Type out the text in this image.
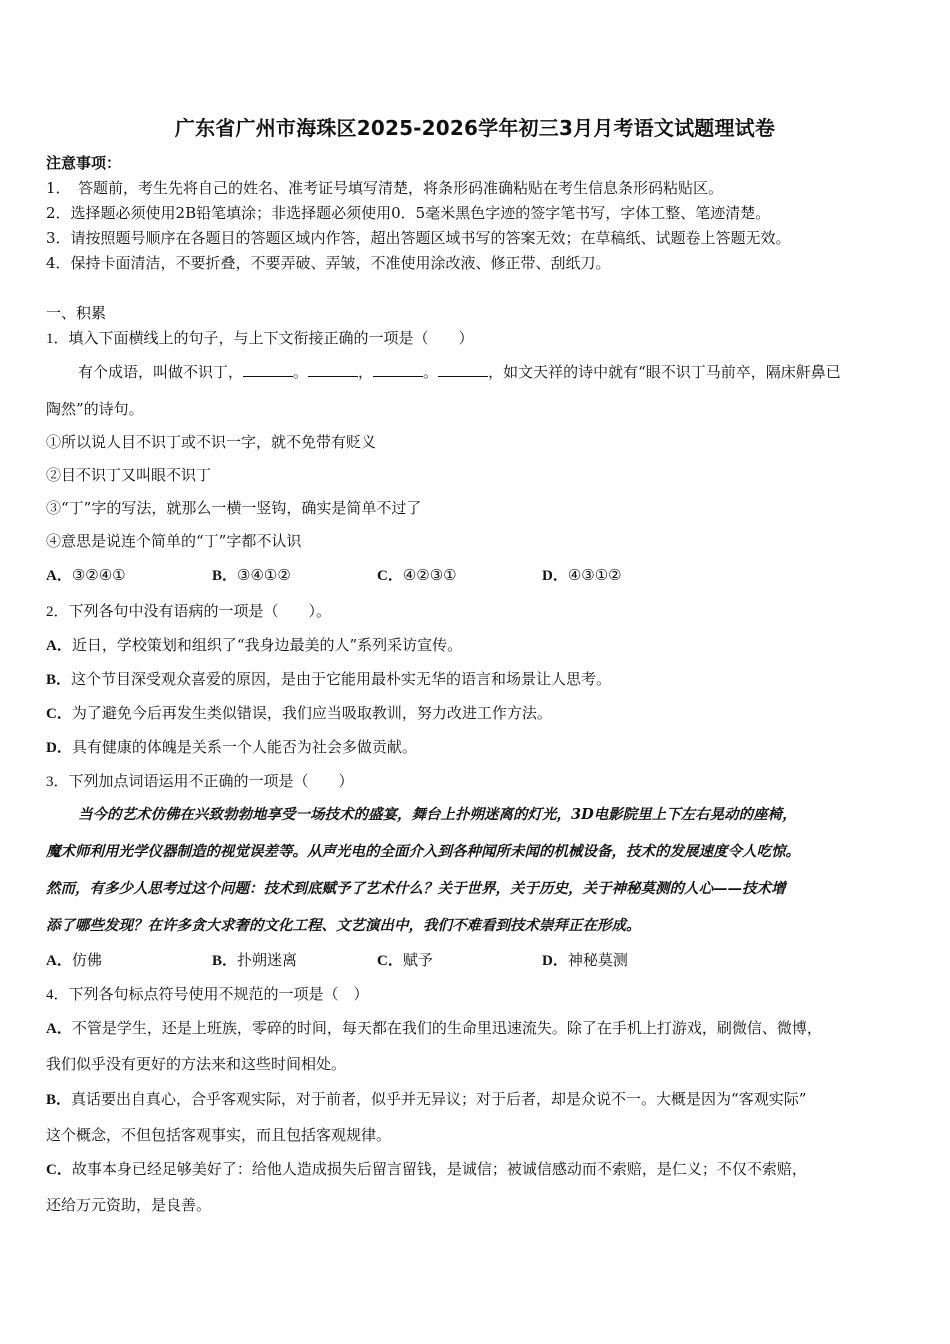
广东省广州市海珠区2025-2026学年初三3月月考语文试题理试卷
注意事项：
1．　答题前，考生先将自己的姓名、准考证号填写清楚，将条形码准确粘贴在考生信息条形码粘贴区。
2．选择题必须使用2B铅笔填涂；非选择题必须使用0．5毫米黑色字迹的签字笔书写，字体工整、笔迹清楚。
3．请按照题号顺序在各题目的答题区域内作答，超出答题区域书写的答案无效；在草稿纸、试题卷上答题无效。
4．保持卡面清洁，不要折叠，不要弄破、弄皱，不准使用涂改液、修正带、刮纸刀。
一、积累
1．填入下面横线上的句子，与上下文衔接正确的一项是（　　）
有个成语，叫做不识丁，	。	，	。	，如文天祥的诗中就有“眼不识丁马前卒，隔床鼾鼻已
陶然”的诗句。
①所以说人目不识丁或不识一字，就不免带有贬义
②目不识丁又叫眼不识丁
③“丁”字的写法，就那么一横一竖钩，确实是简单不过了
④意思是说连个简单的“丁”字都不认识
A．③②④①	B．③④①②	C．④②③①	D．④③①②
2．下列各句中没有语病的一项是（　　）。
A．近日，学校策划和组织了“我身边最美的人”系列采访宣传。
B．这个节目深受观众喜爱的原因，是由于它能用最朴实无华的语言和场景让人思考。
C．为了避免今后再发生类似错误，我们应当吸取教训，努力改进工作方法。
D．具有健康的体魄是关系一个人能否为社会多做贡献。
3．下列加点词语运用不正确的一项是（　　）
当今的艺术仿佛在兴致勃勃地享受一场技术的盛宴，舞台上扑朔迷离的灯光，3D电影院里上下左右晃动的座椅，
魔术师利用光学仪器制造的视觉误差等。从声光电的全面介入到各种闻所未闻的机械设备，技术的发展速度令人吃惊。
然而，有多少人思考过这个问题：技术到底赋予了艺术什么？关于世界，关于历史，关于神秘莫测的人心——技术增
添了哪些发现？在许多贪大求奢的文化工程、文艺演出中，我们不难看到技术崇拜正在形成。
A．仿佛	B．扑朔迷离	C．赋予	D．神秘莫测
4．下列各句标点符号使用不规范的一项是（　）
A．不管是学生，还是上班族，零碎的时间，每天都在我们的生命里迅速流失。除了在手机上打游戏，刷微信、微博，
我们似乎没有更好的方法来和这些时间相处。
B．真话要出自真心，合乎客观实际，对于前者，似乎并无异议；对于后者，却是众说不一。大概是因为“客观实际”
这个概念，不但包括客观事实，而且包括客观规律。
C．故事本身已经足够美好了：给他人造成损失后留言留钱，是诚信；被诚信感动而不索赔，是仁义；不仅不索赔，
还给万元资助，是良善。
